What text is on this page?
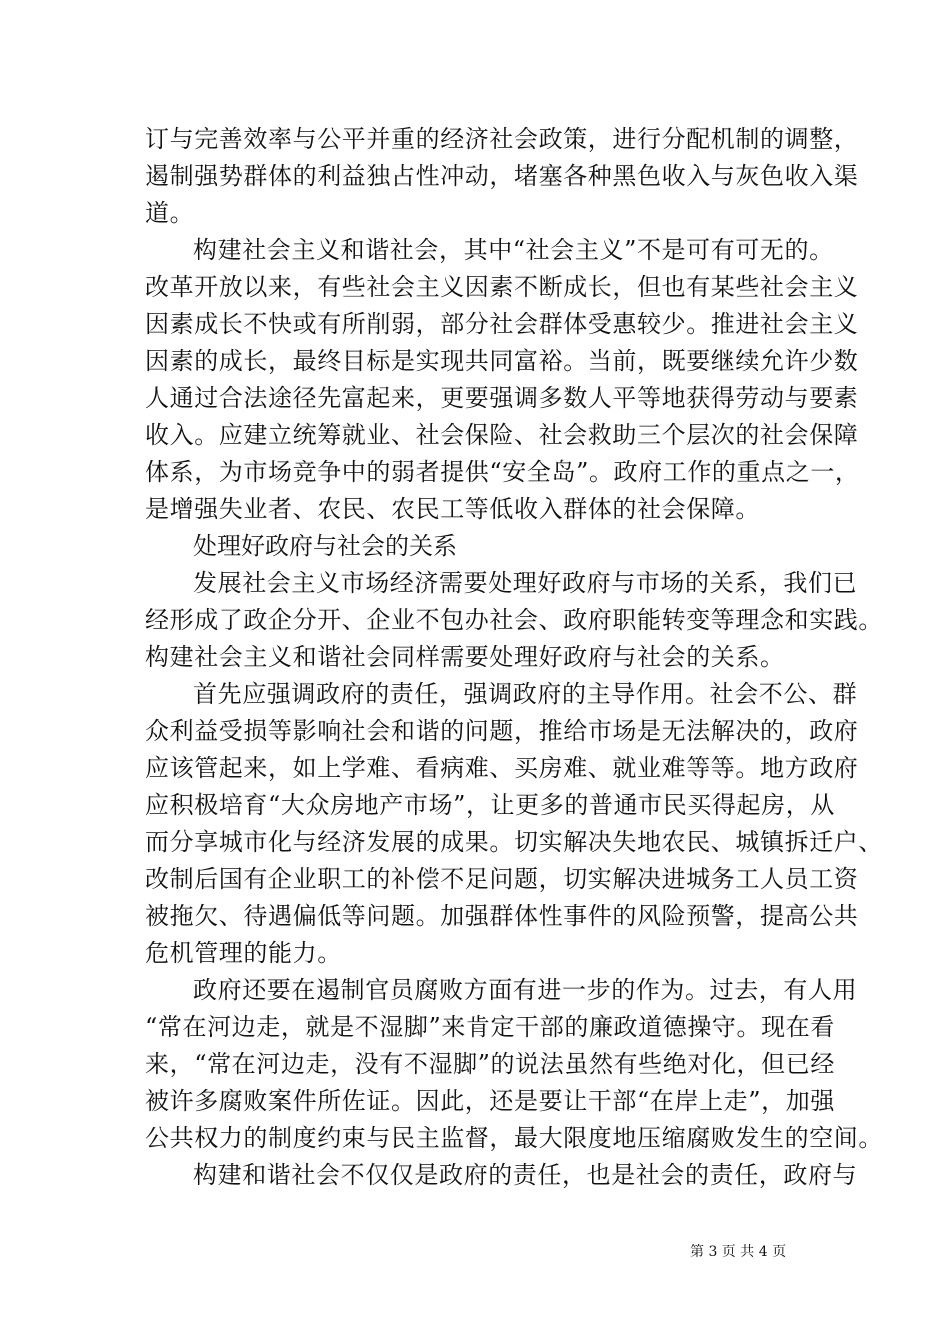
订与完善效率与公平并重的经济社会政策，进行分配机制的调整，
遏制强势群体的利益独占性冲动，堵塞各种黑色收入与灰色收入渠
道。
构建社会主义和谐社会，其中“社会主义”不是可有可无的。
改革开放以来，有些社会主义因素不断成长，但也有某些社会主义
因素成长不快或有所削弱，部分社会群体受惠较少。推进社会主义
因素的成长，最终目标是实现共同富裕。当前，既要继续允许少数
人通过合法途径先富起来，更要强调多数人平等地获得劳动与要素
收入。应建立统筹就业、社会保险、社会救助三个层次的社会保障
体系，为市场竞争中的弱者提供“安全岛”。政府工作的重点之一，
是增强失业者、农民、农民工等低收入群体的社会保障。
处理好政府与社会的关系
发展社会主义市场经济需要处理好政府与市场的关系，我们已
经形成了政企分开、企业不包办社会、政府职能转变等理念和实践。
构建社会主义和谐社会同样需要处理好政府与社会的关系。
首先应强调政府的责任，强调政府的主导作用。社会不公、群
众利益受损等影响社会和谐的问题，推给市场是无法解决的，政府
应该管起来，如上学难、看病难、买房难、就业难等等。地方政府
应积极培育“大众房地产市场”，让更多的普通市民买得起房，从
而分享城市化与经济发展的成果。切实解决失地农民、城镇拆迁户、
改制后国有企业职工的补偿不足问题，切实解决进城务工人员工资
被拖欠、待遇偏低等问题。加强群体性事件的风险预警，提高公共
危机管理的能力。
政府还要在遏制官员腐败方面有进一步的作为。过去，有人用
“常在河边走，就是不湿脚”来肯定干部的廉政道德操守。现在看
来，“常在河边走，没有不湿脚”的说法虽然有些绝对化，但已经
被许多腐败案件所佐证。因此，还是要让干部“在岸上走”，加强
公共权力的制度约束与民主监督，最大限度地压缩腐败发生的空间。
构建和谐社会不仅仅是政府的责任，也是社会的责任，政府与
第 3 页 共 4 页
